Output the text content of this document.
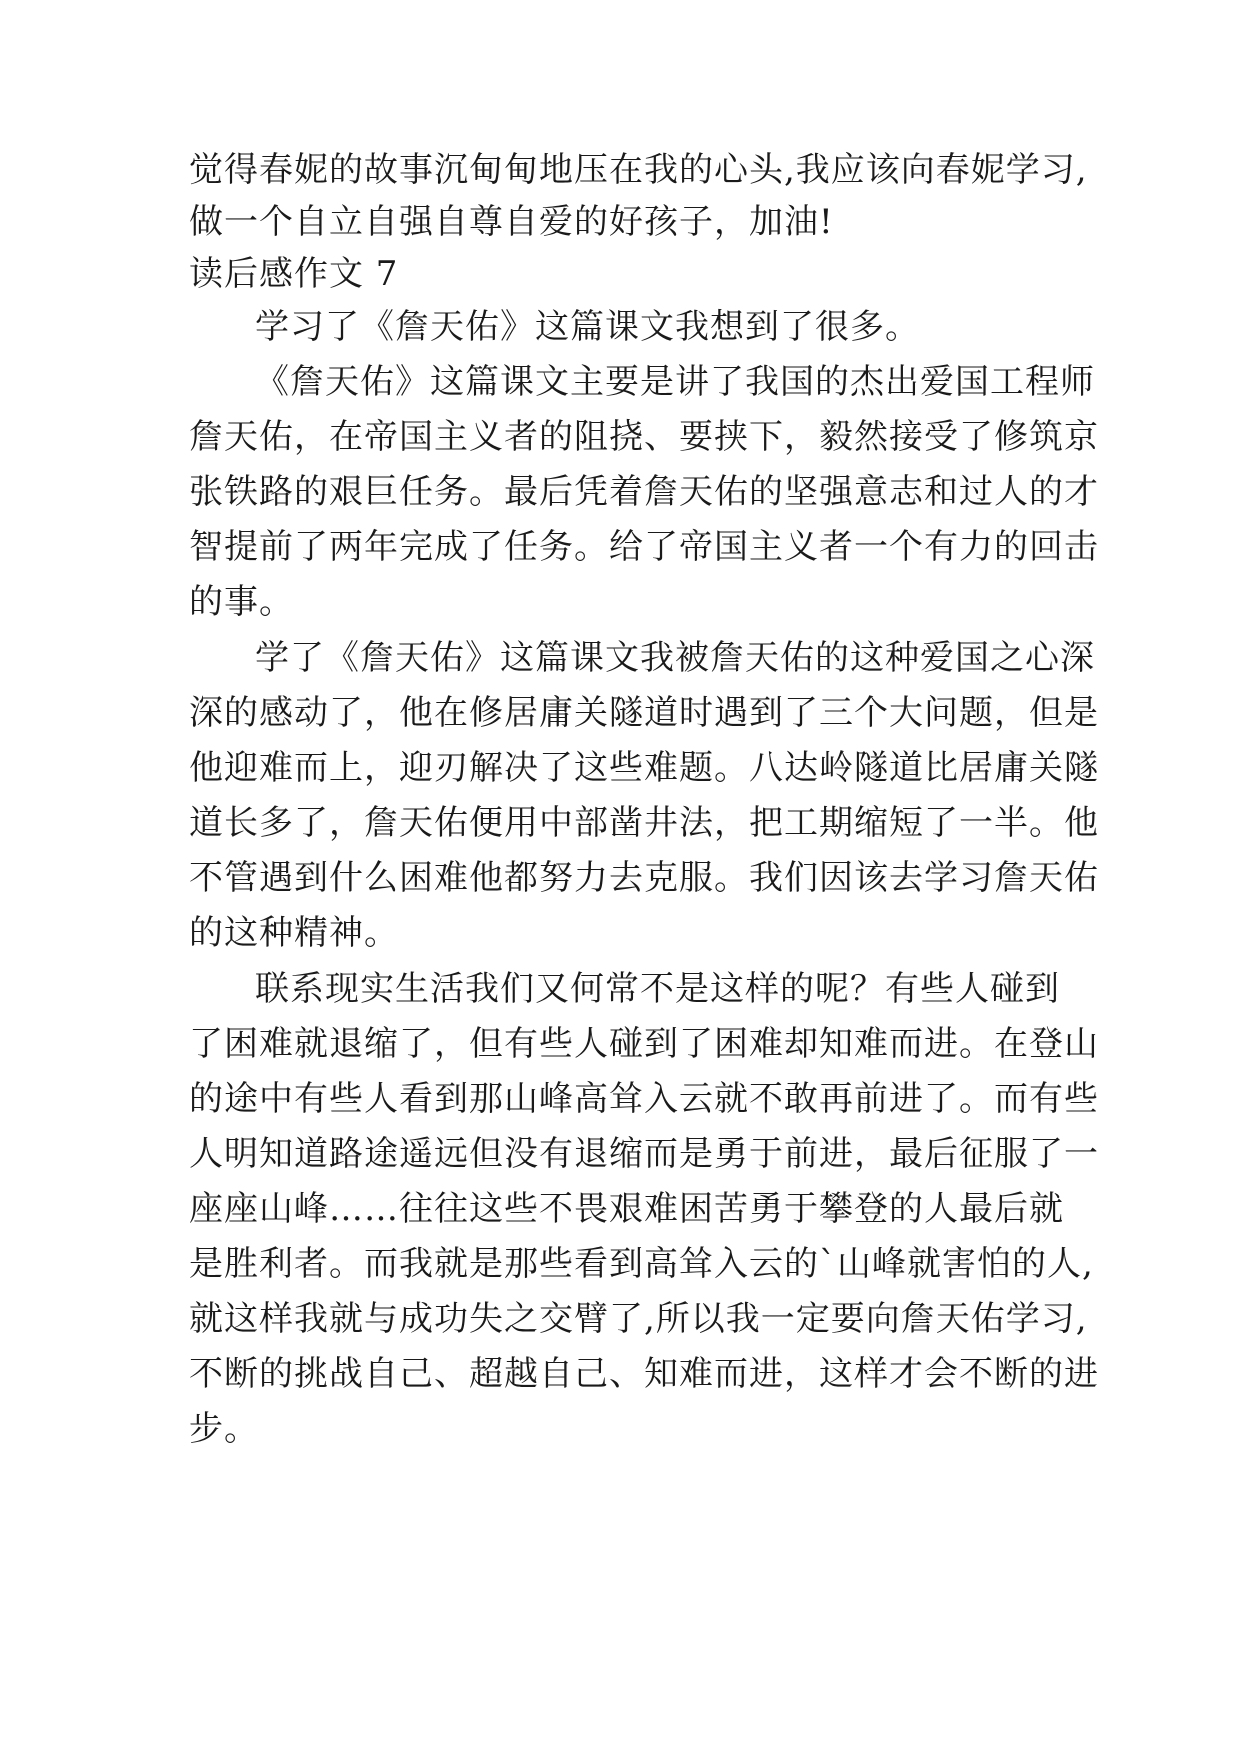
觉得春妮的故事沉甸甸地压在我的心头,我应该向春妮学习,
做一个自立自强自尊自爱的好孩子，加油!
读后感作文 7
学习了《詹天佑》这篇课文我想到了很多。
《詹天佑》这篇课文主要是讲了我国的杰出爱国工程师
詹天佑，在帝国主义者的阻挠、要挟下，毅然接受了修筑京
张铁路的艰巨任务。最后凭着詹天佑的坚强意志和过人的才
智提前了两年完成了任务。给了帝国主义者一个有力的回击
的事。
学了《詹天佑》这篇课文我被詹天佑的这种爱国之心深
深的感动了，他在修居庸关隧道时遇到了三个大问题，但是
他迎难而上，迎刃解决了这些难题。八达岭隧道比居庸关隧
道长多了，詹天佑便用中部凿井法，把工期缩短了一半。他
不管遇到什么困难他都努力去克服。我们因该去学习詹天佑
的这种精神。
联系现实生活我们又何常不是这样的呢？有些人碰到
了困难就退缩了，但有些人碰到了困难却知难而进。在登山
的途中有些人看到那山峰高耸入云就不敢再前进了。而有些
人明知道路途遥远但没有退缩而是勇于前进，最后征服了一
座座山峰……往往这些不畏艰难困苦勇于攀登的人最后就
是胜利者。而我就是那些看到高耸入云的`山峰就害怕的人,
就这样我就与成功失之交臂了,所以我一定要向詹天佑学习,
不断的挑战自己、超越自己、知难而进，这样才会不断的进
步。
